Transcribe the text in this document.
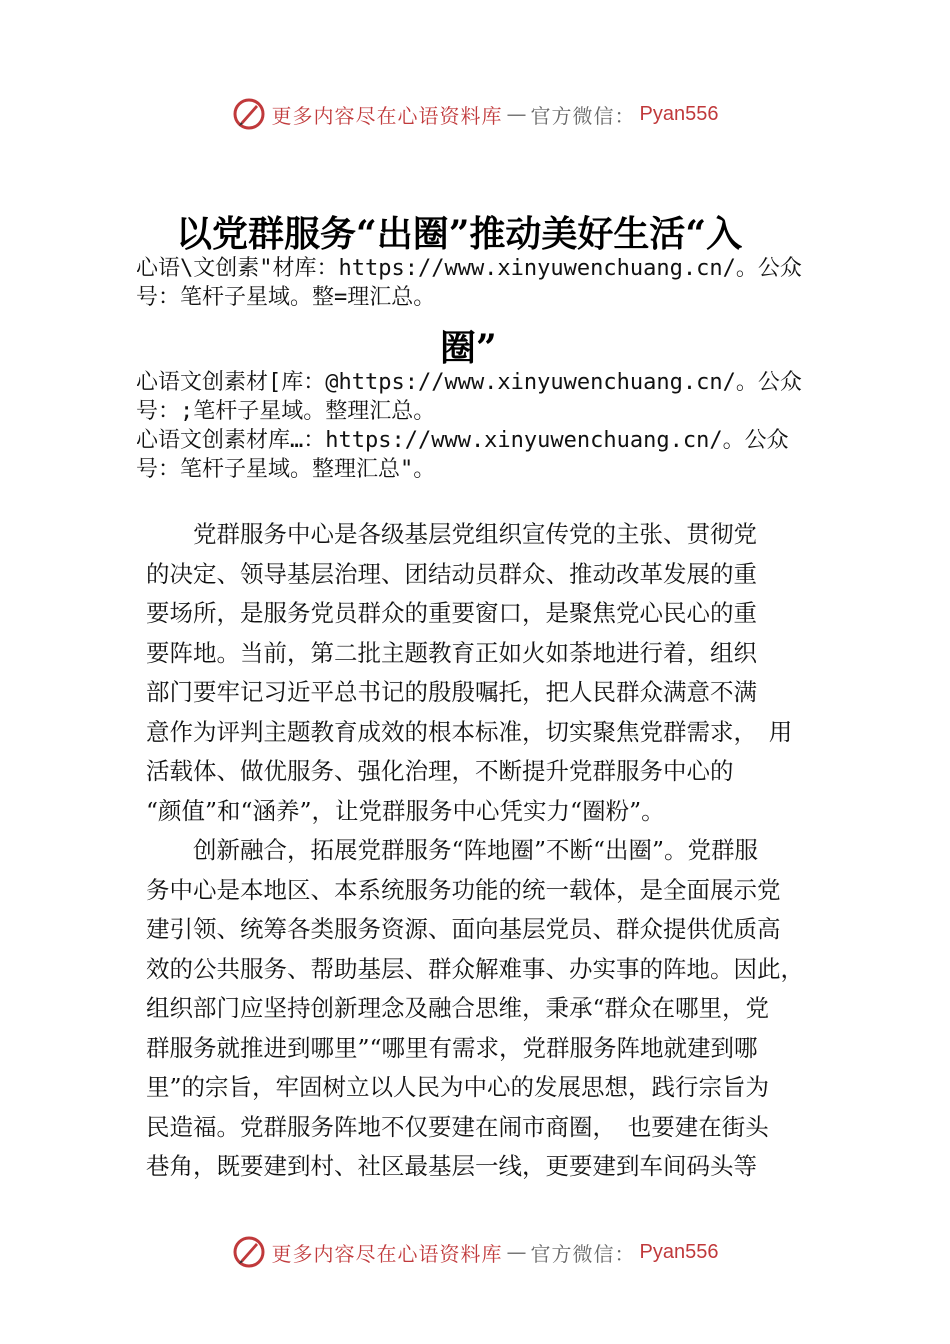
更多内容尽在心语资料库 — 官方微信： Pyan556
以党群服务“出圈”推动美好生活“入
心语\文创素"材库：https://www.xinyuwenchuang.cn/。公众
号：笔杆子星域。整=理汇总。
圈”
心语文创素材[库：@https://www.xinyuwenchuang.cn/。公众
号：;笔杆子星域。整理汇总。
心语文创素材库…：https://www.xinyuwenchuang.cn/。公众
号：笔杆子星域。整理汇总"。
　　党群服务中心是各级基层党组织宣传党的主张、贯彻党
的决定、领导基层治理、团结动员群众、推动改革发展的重
要场所，是服务党员群众的重要窗口，是聚焦党心民心的重
要阵地。当前，第二批主题教育正如火如荼地进行着，组织
部门要牢记习近平总书记的殷殷嘱托，把人民群众满意不满
意作为评判主题教育成效的根本标准，切实聚焦党群需求，　用
活载体、做优服务、强化治理，不断提升党群服务中心的
“颜值”和“涵养”，让党群服务中心凭实力“圈粉”。
　　创新融合，拓展党群服务“阵地圈”不断“出圈”。党群服
务中心是本地区、本系统服务功能的统一载体，是全面展示党
建引领、统筹各类服务资源、面向基层党员、群众提供优质高
效的公共服务、帮助基层、群众解难事、办实事的阵地。因此，
组织部门应坚持创新理念及融合思维，秉承“群众在哪里，党
群服务就推进到哪里”“哪里有需求，党群服务阵地就建到哪
里”的宗旨，牢固树立以人民为中心的发展思想，践行宗旨为
民造福。党群服务阵地不仅要建在闹市商圈，　也要建在街头
巷角，既要建到村、社区最基层一线，更要建到车间码头等
更多内容尽在心语资料库 — 官方微信： Pyan556
